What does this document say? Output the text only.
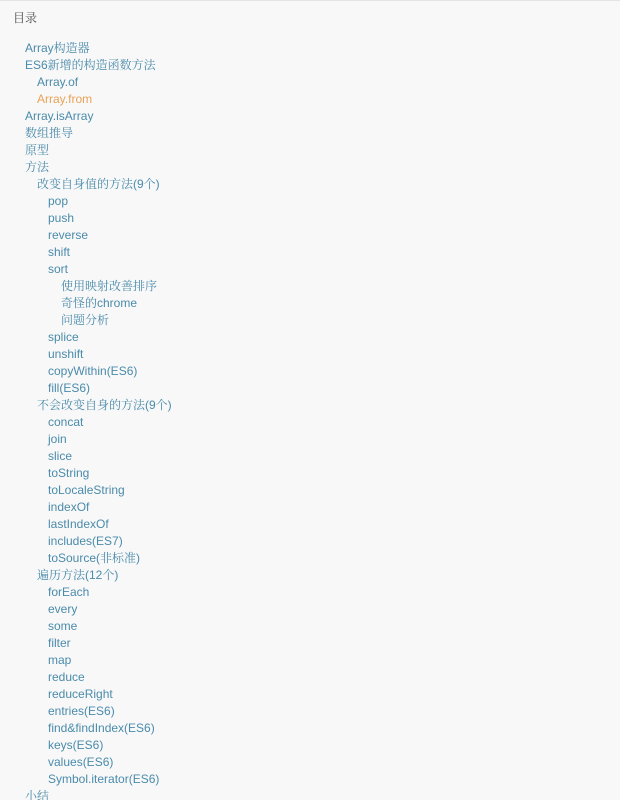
目录
Array构造器
ES6新增的构造函数方法
Array.of
Array.from
Array.isArray
数组推导
原型
方法
改变自身值的方法(9个)
pop
push
reverse
shift
sort
使用映射改善排序
奇怪的chrome
问题分析
splice
unshift
copyWithin(ES6)
fill(ES6)
不会改变自身的方法(9个)
concat
join
slice
toString
toLocaleString
indexOf
lastIndexOf
includes(ES7)
toSource(非标准)
遍历方法(12个)
forEach
every
some
filter
map
reduce
reduceRight
entries(ES6)
find&findIndex(ES6)
keys(ES6)
values(ES6)
Symbol.iterator(ES6)
小结
